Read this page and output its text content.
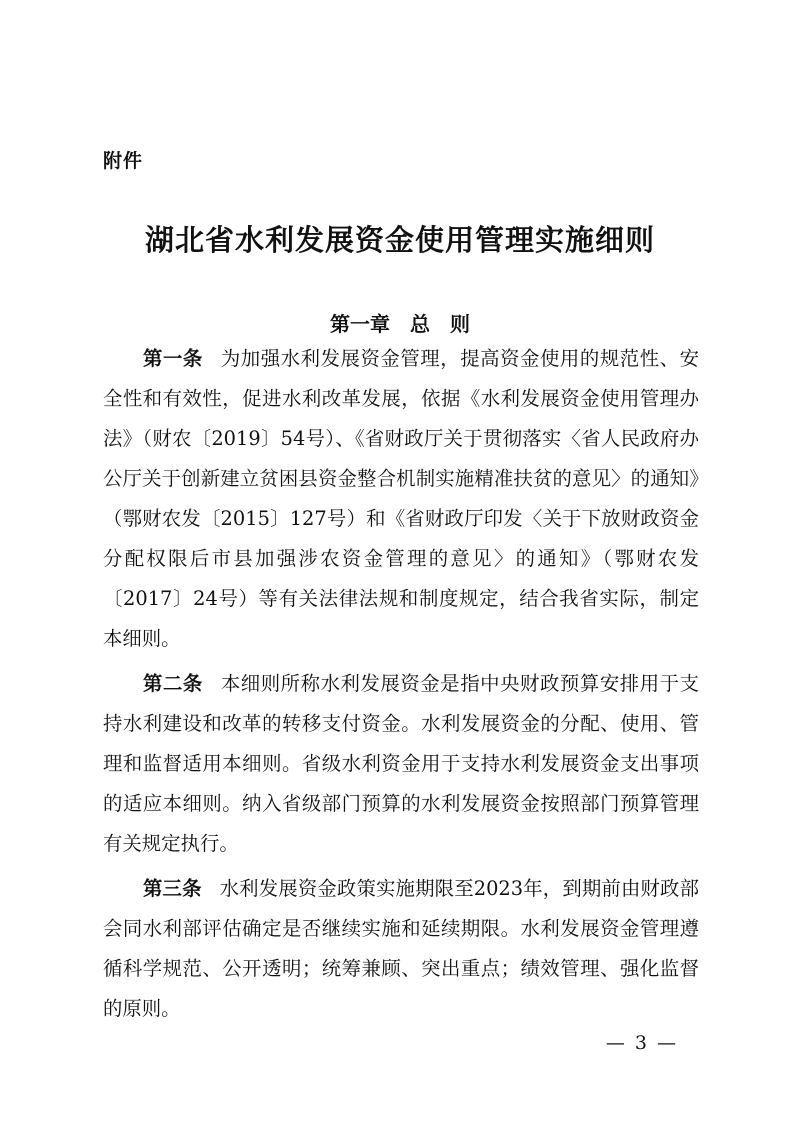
附件
湖北省水利发展资金使用管理实施细则
第一章　总　则

第一条 为加强水利发展资金管理，提高资金使用的规范性、安全性和有效性，促进水利改革发展，依据《水利发展资金使用管理办法》（财农〔2019〕54号）、《省财政厅关于贯彻落实〈省人民政府办公厅关于创新建立贫困县资金整合机制实施精准扶贫的意见〉的通知》（鄂财农发〔2015〕127号）和《省财政厅印发〈关于下放财政资金分配权限后市县加强涉农资金管理的意见〉的通知》（鄂财农发〔2017〕24号）等有关法律法规和制度规定，结合我省实际，制定本细则。

第二条 本细则所称水利发展资金是指中央财政预算安排用于支持水利建设和改革的转移支付资金。水利发展资金的分配、使用、管理和监督适用本细则。省级水利资金用于支持水利发展资金支出事项的适应本细则。纳入省级部门预算的水利发展资金按照部门预算管理有关规定执行。

第三条 水利发展资金政策实施期限至2023年，到期前由财政部会同水利部评估确定是否继续实施和延续期限。水利发展资金管理遵循科学规范、公开透明；统筹兼顾、突出重点；绩效管理、强化监督的原则。

— 3 —
